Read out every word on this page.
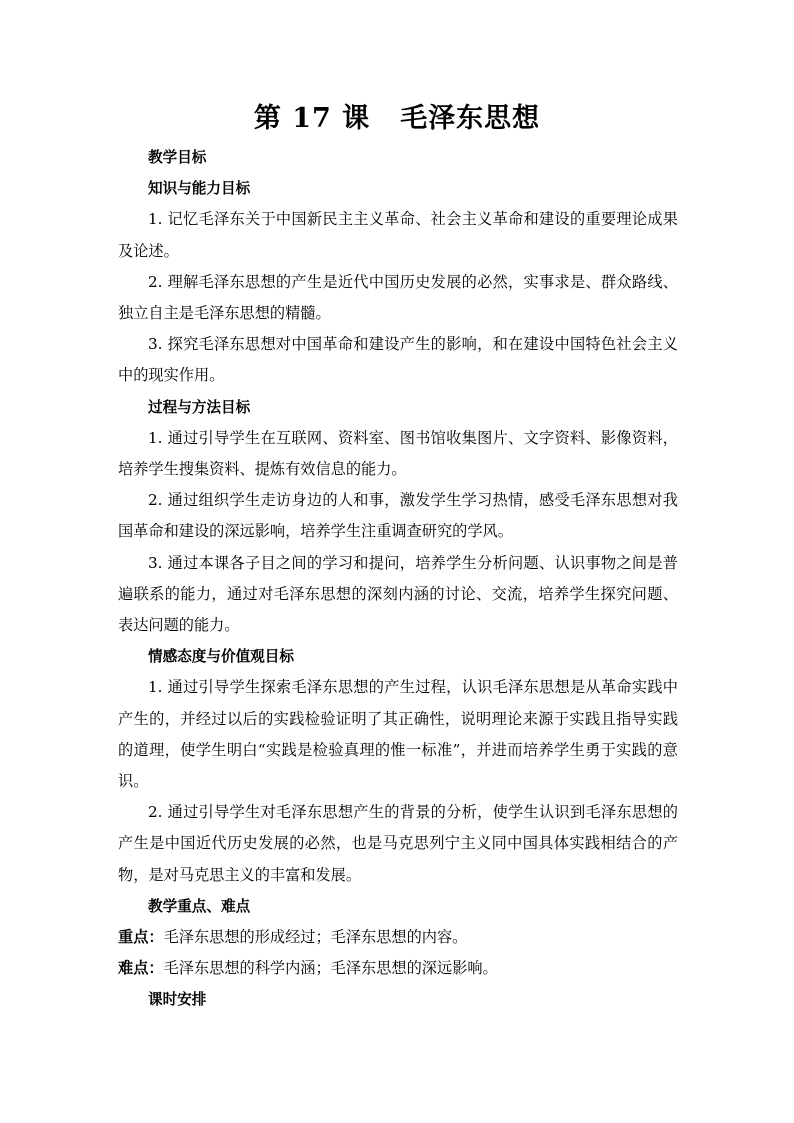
第 17 课 毛泽东思想

教学目标

知识与能力目标

1. 记忆毛泽东关于中国新民主主义革命、社会主义革命和建设的重要理论成果及论述。

2. 理解毛泽东思想的产生是近代中国历史发展的必然，实事求是、群众路线、独立自主是毛泽东思想的精髓。

3. 探究毛泽东思想对中国革命和建设产生的影响，和在建设中国特色社会主义中的现实作用。

过程与方法目标

1. 通过引导学生在互联网、资料室、图书馆收集图片、文字资料、影像资料，培养学生搜集资料、提炼有效信息的能力。

2. 通过组织学生走访身边的人和事，激发学生学习热情，感受毛泽东思想对我国革命和建设的深远影响，培养学生注重调查研究的学风。

3. 通过本课各子目之间的学习和提问，培养学生分析问题、认识事物之间是普遍联系的能力，通过对毛泽东思想的深刻内涵的讨论、交流，培养学生探究问题、表达问题的能力。

情感态度与价值观目标

1. 通过引导学生探索毛泽东思想的产生过程，认识毛泽东思想是从革命实践中产生的，并经过以后的实践检验证明了其正确性，说明理论来源于实践且指导实践的道理，使学生明白“实践是检验真理的惟一标准”，并进而培养学生勇于实践的意识。

2. 通过引导学生对毛泽东思想产生的背景的分析，使学生认识到毛泽东思想的产生是中国近代历史发展的必然，也是马克思列宁主义同中国具体实践相结合的产物，是对马克思主义的丰富和发展。

教学重点、难点

重点：毛泽东思想的形成经过；毛泽东思想的内容。

难点：毛泽东思想的科学内涵；毛泽东思想的深远影响。

课时安排
